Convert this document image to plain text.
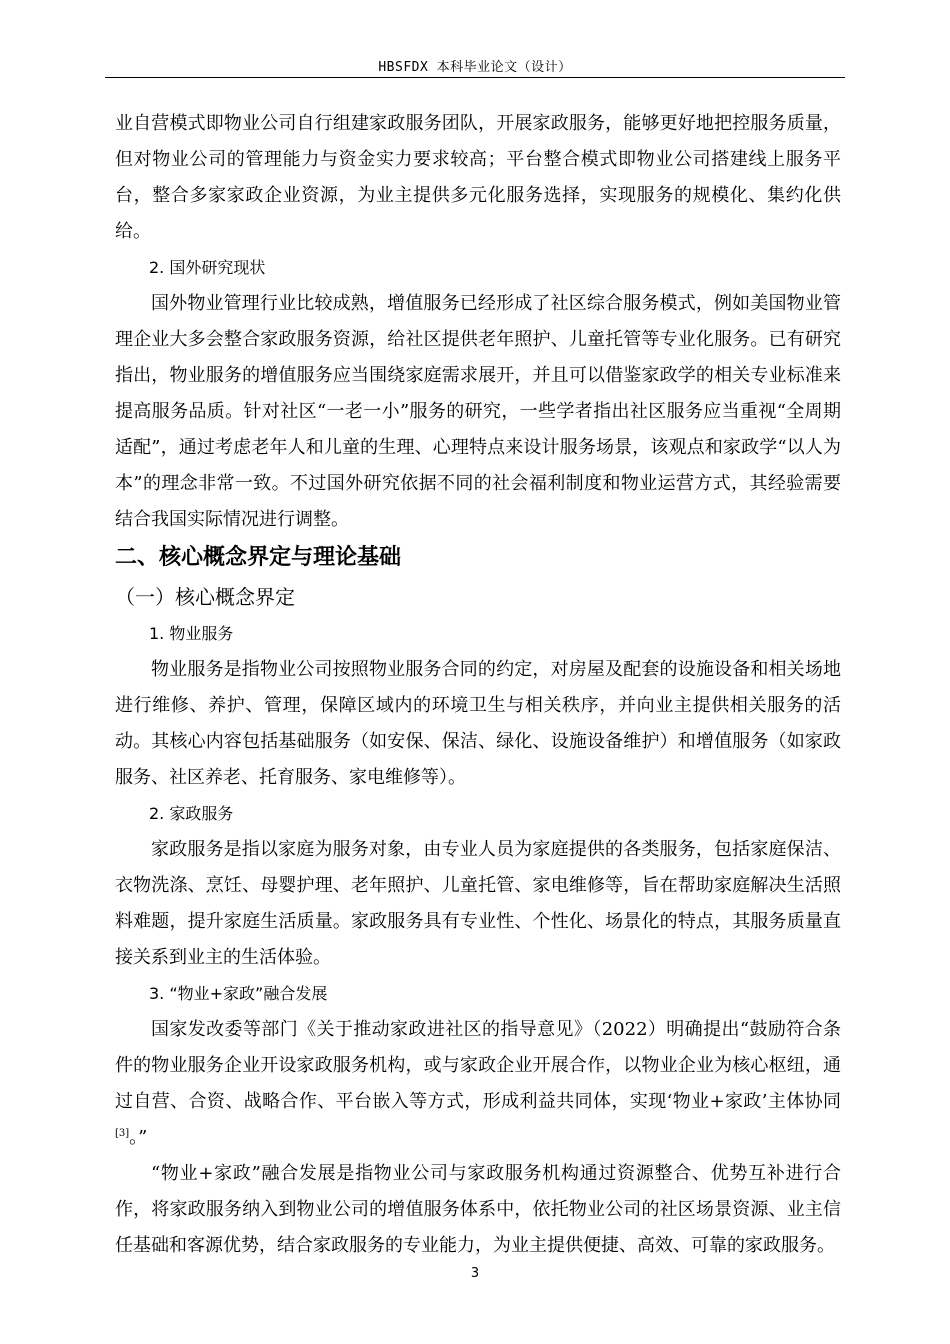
HBSFDX 本科毕业论文（设计）

业自营模式即物业公司自行组建家政服务团队，开展家政服务，能够更好地把控服务质量，但对物业公司的管理能力与资金实力要求较高；平台整合模式即物业公司搭建线上服务平台，整合多家家政企业资源，为业主提供多元化服务选择，实现服务的规模化、集约化供给。

2. 国外研究现状

国外物业管理行业比较成熟，增值服务已经形成了社区综合服务模式，例如美国物业管理企业大多会整合家政服务资源，给社区提供老年照护、儿童托管等专业化服务。已有研究指出，物业服务的增值服务应当围绕家庭需求展开，并且可以借鉴家政学的相关专业标准来提高服务品质。针对社区“一老一小”服务的研究，一些学者指出社区服务应当重视“全周期适配”，通过考虑老年人和儿童的生理、心理特点来设计服务场景，该观点和家政学“以人为本”的理念非常一致。不过国外研究依据不同的社会福利制度和物业运营方式，其经验需要结合我国实际情况进行调整。

二、核心概念界定与理论基础
（一）核心概念界定
1. 物业服务

物业服务是指物业公司按照物业服务合同的约定，对房屋及配套的设施设备和相关场地进行维修、养护、管理，保障区域内的环境卫生与相关秩序，并向业主提供相关服务的活动。其核心内容包括基础服务（如安保、保洁、绿化、设施设备维护）和增值服务（如家政服务、社区养老、托育服务、家电维修等）。

2. 家政服务

家政服务是指以家庭为服务对象，由专业人员为家庭提供的各类服务，包括家庭保洁、衣物洗涤、烹饪、母婴护理、老年照护、儿童托管、家电维修等，旨在帮助家庭解决生活照料难题，提升家庭生活质量。家政服务具有专业性、个性化、场景化的特点，其服务质量直接关系到业主的生活体验。

3. “物业+家政”融合发展

国家发改委等部门《关于推动家政进社区的指导意见》（2022）明确提出“鼓励符合条件的物业服务企业开设家政服务机构，或与家政企业开展合作，以物业企业为核心枢纽，通过自营、合资、战略合作、平台嵌入等方式，形成利益共同体，实现‘物业+家政’主体协同[3]。”

“物业+家政”融合发展是指物业公司与家政服务机构通过资源整合、优势互补进行合作，将家政服务纳入到物业公司的增值服务体系中，依托物业公司的社区场景资源、业主信任基础和客源优势，结合家政服务的专业能力，为业主提供便捷、高效、可靠的家政服务。

3
